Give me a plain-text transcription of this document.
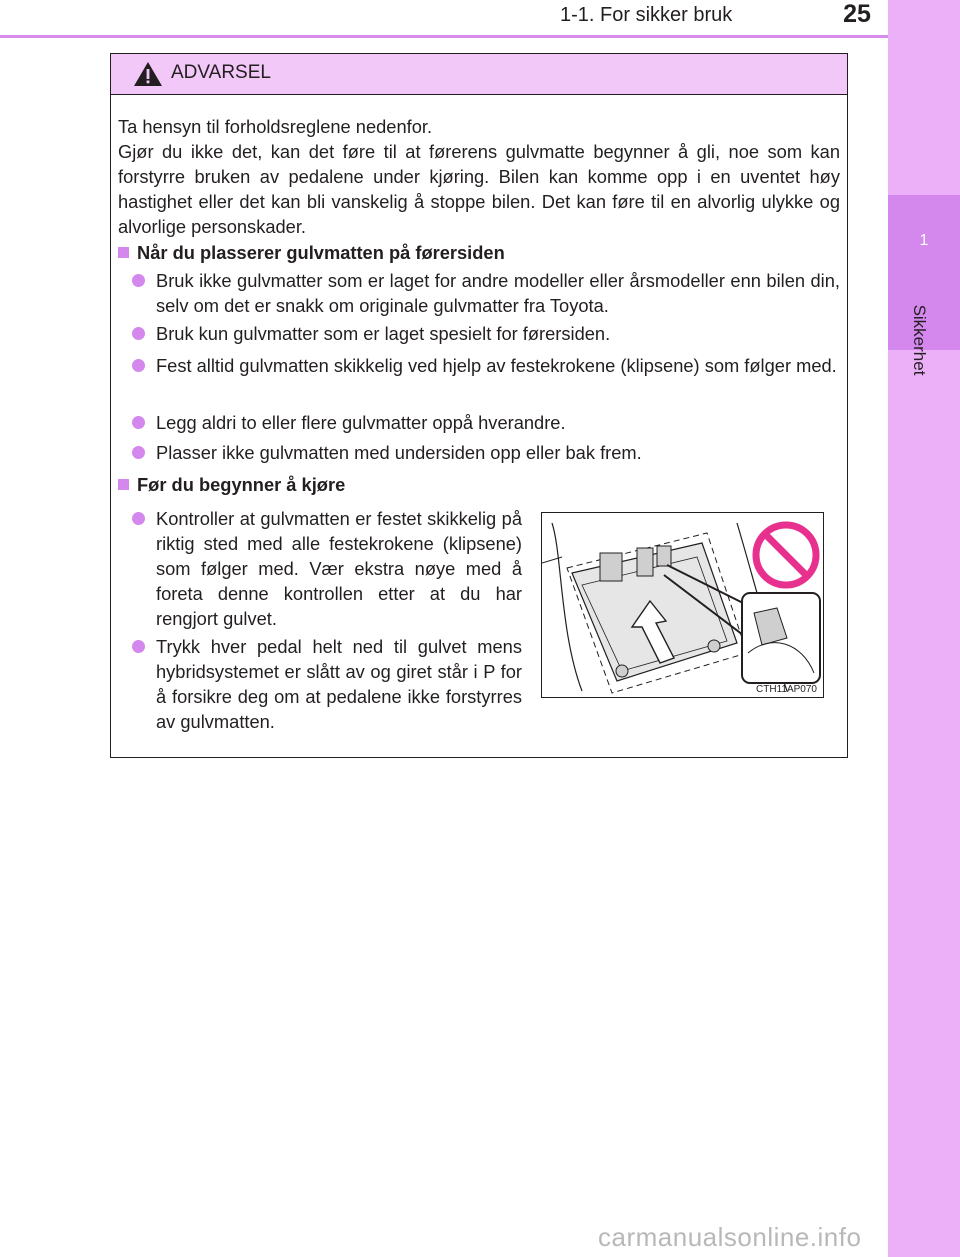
1-1. For sikker bruk	25
1
Sikkerhet
ADVARSEL

Ta hensyn til forholdsreglene nedenfor.

Gjør du ikke det, kan det føre til at førerens gulvmatte begynner å gli, noe som kan forstyrre bruken av pedalene under kjøring. Bilen kan komme opp i en uventet høy hastighet eller det kan bli vanskelig å stoppe bilen. Det kan føre til en alvorlig ulykke og alvorlige personskader.

Når du plasserer gulvmatten på førersiden
Bruk ikke gulvmatter som er laget for andre modeller eller årsmodeller enn bilen din, selv om det er snakk om originale gulvmatter fra Toyota.
Bruk kun gulvmatter som er laget spesielt for førersiden.
Fest alltid gulvmatten skikkelig ved hjelp av festekrokene (klipsene) som følger med.
Legg aldri to eller flere gulvmatter oppå hverandre.
Plasser ikke gulvmatten med undersiden opp eller bak frem.
Før du begynner å kjøre
Kontroller at gulvmatten er festet skikkelig på riktig sted med alle festekrokene (klipsene) som følger med. Vær ekstra nøye med å foreta denne kontrollen etter at du har rengjort gulvet.
Trykk hver pedal helt ned til gulvet mens hybridsystemet er slått av og giret står i P for å forsikre deg om at pedalene ikke forstyrres av gulvmatten.
CTH11AP070
carmanualsonline.info
